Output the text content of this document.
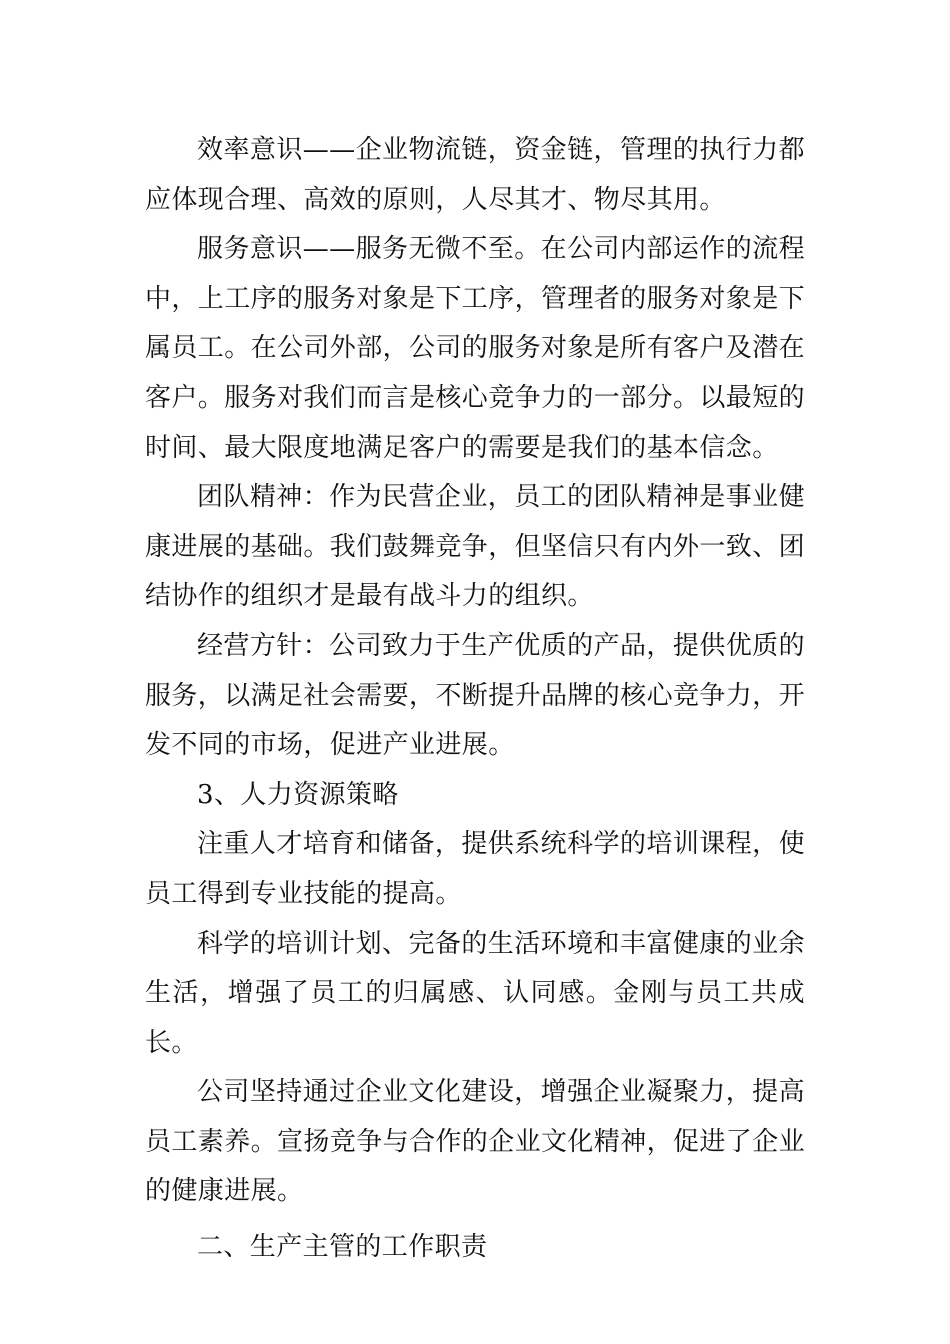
效率意识——企业物流链，资金链，管理的执行力都应体现合理、高效的原则，人尽其才、物尽其用。

服务意识——服务无微不至。在公司内部运作的流程中，上工序的服务对象是下工序，管理者的服务对象是下属员工。在公司外部，公司的服务对象是所有客户及潜在客户。服务对我们而言是核心竞争力的一部分。以最短的时间、最大限度地满足客户的需要是我们的基本信念。

团队精神：作为民营企业，员工的团队精神是事业健康进展的基础。我们鼓舞竞争，但坚信只有内外一致、团结协作的组织才是最有战斗力的组织。

经营方针：公司致力于生产优质的产品，提供优质的服务，以满足社会需要，不断提升品牌的核心竞争力，开发不同的市场，促进产业进展。

3、人力资源策略

注重人才培育和储备，提供系统科学的培训课程，使员工得到专业技能的提高。

科学的培训计划、完备的生活环境和丰富健康的业余生活，增强了员工的归属感、认同感。金刚与员工共成长。

公司坚持通过企业文化建设，增强企业凝聚力，提高员工素养。宣扬竞争与合作的企业文化精神，促进了企业的健康进展。

二、生产主管的工作职责
